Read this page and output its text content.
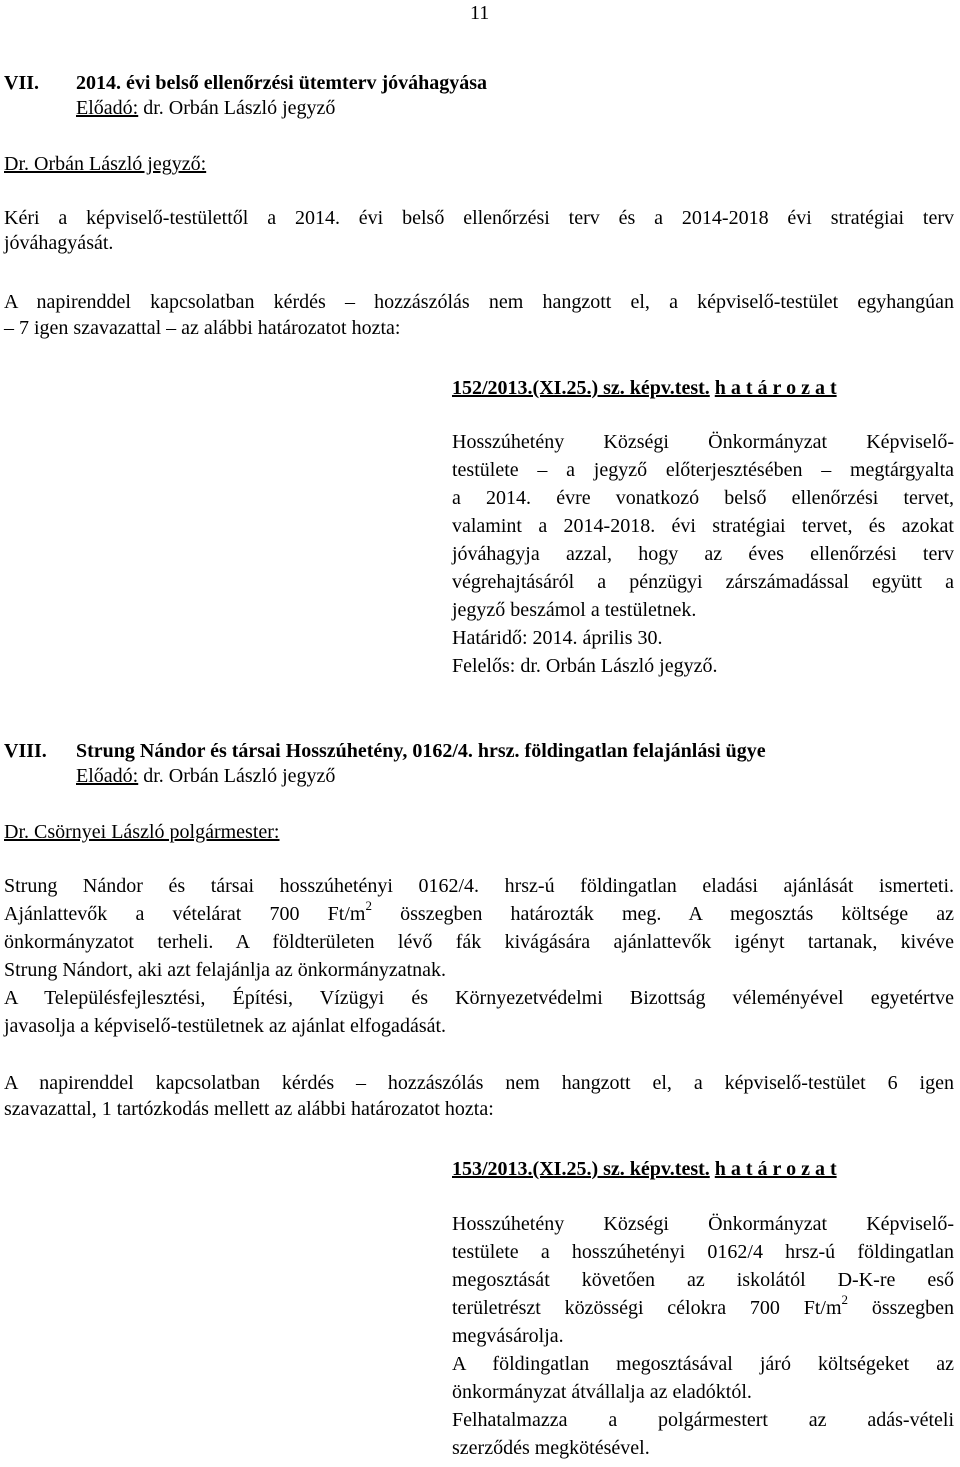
11
VII. 2014. évi belső ellenőrzési ütemterv jóváhagyása
Előadó: dr. Orbán László jegyző
Dr. Orbán László jegyző:
Kéri a képviselő-testülettől a 2014. évi belső ellenőrzési terv és a 2014-2018 évi stratégiai terv
jóváhagyását.
A napirenddel kapcsolatban kérdés – hozzászólás nem hangzott el, a képviselő-testület egyhangúan
– 7 igen szavazattal – az alábbi határozatot hozta:
152/2013.(XI.25.) sz. képv.test. h a t á r o z a t
Hosszúhetény Községi Önkormányzat Képviselő-
testülete – a jegyző előterjesztésében – megtárgyalta
a 2014. évre vonatkozó belső ellenőrzési tervet,
valamint a 2014-2018. évi stratégiai tervet, és azokat
jóváhagyja azzal, hogy az éves ellenőrzési terv
végrehajtásáról a pénzügyi zárszámadással együtt a
jegyző beszámol a testületnek.
Határidő: 2014. április 30.
Felelős: dr. Orbán László jegyző.
VIII. Strung Nándor és társai Hosszúhetény, 0162/4. hrsz. földingatlan felajánlási ügye
Előadó: dr. Orbán László jegyző
Dr. Csörnyei László polgármester:
Strung Nándor és társai hosszúhetényi 0162/4. hrsz-ú földingatlan eladási ajánlását ismerteti.
Ajánlattevők a vételárat 700 $Ft/m^2$ összegben határozták meg. A megosztás költsége az
önkormányzatot terheli. A földterületen lévő fák kivágására ajánlattevők igényt tartanak, kivéve
Strung Nándort, aki azt felajánlja az önkormányzatnak.
A Településfejlesztési, Építési, Vízügyi és Környezetvédelmi Bizottság véleményével egyetértve
javasolja a képviselő-testületnek az ajánlat elfogadását.
A napirenddel kapcsolatban kérdés – hozzászólás nem hangzott el, a képviselő-testület 6 igen
szavazattal, 1 tartózkodás mellett az alábbi határozatot hozta:
153/2013.(XI.25.) sz. képv.test. h a t á r o z a t
Hosszúhetény Községi Önkormányzat Képviselő-
testülete a hosszúhetényi 0162/4 hrsz-ú földingatlan
megosztását követően az iskolától D-K-re eső
területrészt közösségi célokra 700 $Ft/m^2$ összegben
megvásárolja.
A földingatlan megosztásával járó költségeket az
önkormányzat átvállalja az eladóktól.
Felhatalmazza a polgármestert az adás-vételi
szerződés megkötésével.
